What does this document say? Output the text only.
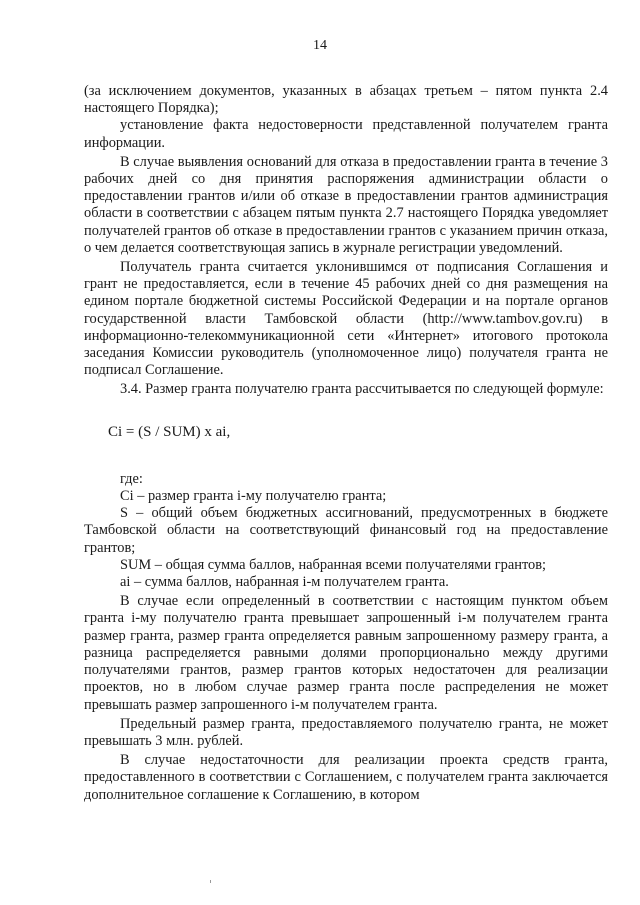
14

(за исключением документов, указанных в абзацах третьем – пятом пункта 2.4 настоящего Порядка);

установление факта недостоверности представленной получателем гранта информации.

В случае выявления оснований для отказа в предоставлении гранта в течение 3 рабочих дней со дня принятия распоряжения администрации области о предоставлении грантов и/или об отказе в предоставлении грантов администрация области в соответствии с абзацем пятым пункта 2.7 настоящего Порядка уведомляет получателей грантов об отказе в предоставлении грантов с указанием причин отказа, о чем делается соответствующая запись в журнале регистрации уведомлений.

Получатель гранта считается уклонившимся от подписания Соглашения и грант не предоставляется, если в течение 45 рабочих дней со дня размещения на едином портале бюджетной системы Российской Федерации и на портале органов государственной власти Тамбовской области (http://www.tambov.gov.ru) в информационно-телекоммуникационной сети «Интернет» итогового протокола заседания Комиссии руководитель (уполномоченное лицо) получателя гранта не подписал Соглашение.

3.4. Размер гранта получателю гранта рассчитывается по следующей формуле:

Ci = (S / SUM) x ai,

где:

Ci – размер гранта i-му получателю гранта;

S – общий объем бюджетных ассигнований, предусмотренных в бюджете Тамбовской области на соответствующий финансовый год на предоставление грантов;

SUM – общая сумма баллов, набранная всеми получателями грантов;

ai – сумма баллов, набранная i-м получателем гранта.

В случае если определенный в соответствии с настоящим пунктом объем гранта i-му получателю гранта превышает запрошенный i-м получателем гранта размер гранта, размер гранта определяется равным запрошенному размеру гранта, а разница распределяется равными долями пропорционально между другими получателями грантов, размер грантов которых недостаточен для реализации проектов, но в любом случае размер гранта после распределения не может превышать размер запрошенного i-м получателем гранта.

Предельный размер гранта, предоставляемого получателю гранта, не может превышать 3 млн. рублей.

В случае недостаточности для реализации проекта средств гранта, предоставленного в соответствии с Соглашением, с получателем гранта заключается дополнительное соглашение к Соглашению, в котором
